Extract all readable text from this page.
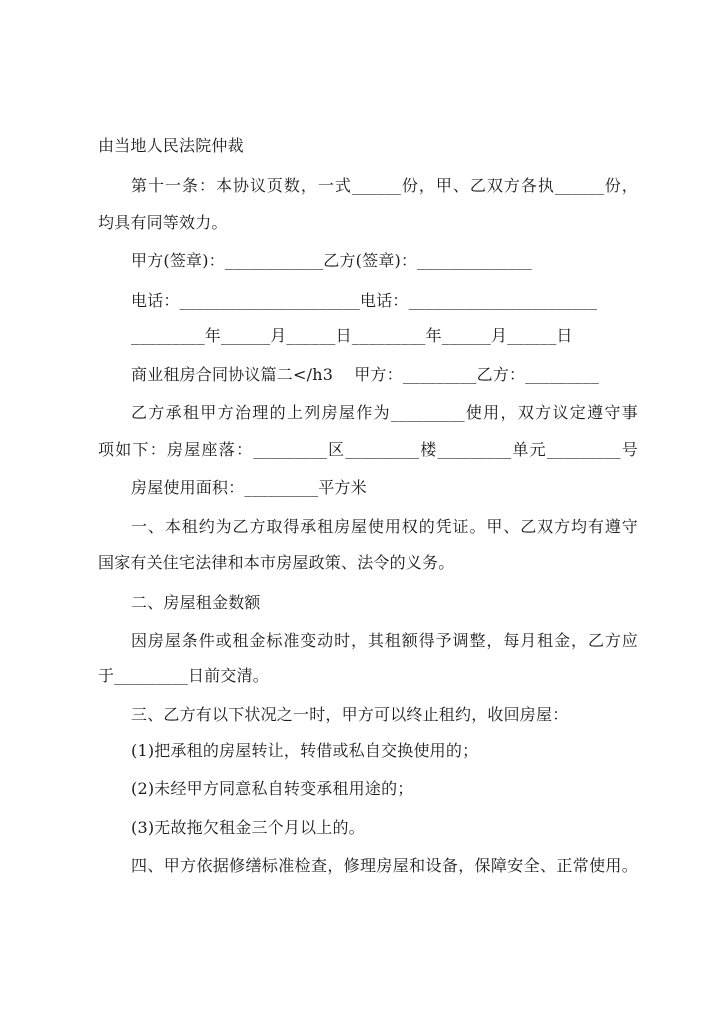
由当地人民法院仲裁
第十一条：本协议页数，一式______份，甲、乙双方各执______份，
均具有同等效力。
甲方(签章)：____________乙方(签章)：______________
电话：______________________电话：_______________________
_________年______月______日_________年______月______日
商业租房合同协议篇二</h3    甲方：_________乙方：_________
乙方承租甲方治理的上列房屋作为_________使用，双方议定遵守事
项如下：房屋座落：_________区_________楼_________单元_________号
房屋使用面积：_________平方米
一、本租约为乙方取得承租房屋使用权的凭证。甲、乙双方均有遵守
国家有关住宅法律和本市房屋政策、法令的义务。
二、房屋租金数额
因房屋条件或租金标准变动时，其租额得予调整，每月租金，乙方应
于_________日前交清。
三、乙方有以下状况之一时，甲方可以终止租约，收回房屋：
(1)把承租的房屋转让，转借或私自交换使用的；
(2)未经甲方同意私自转变承租用途的；
(3)无故拖欠租金三个月以上的。
四、甲方依据修缮标准检查，修理房屋和设备，保障安全、正常使用。
